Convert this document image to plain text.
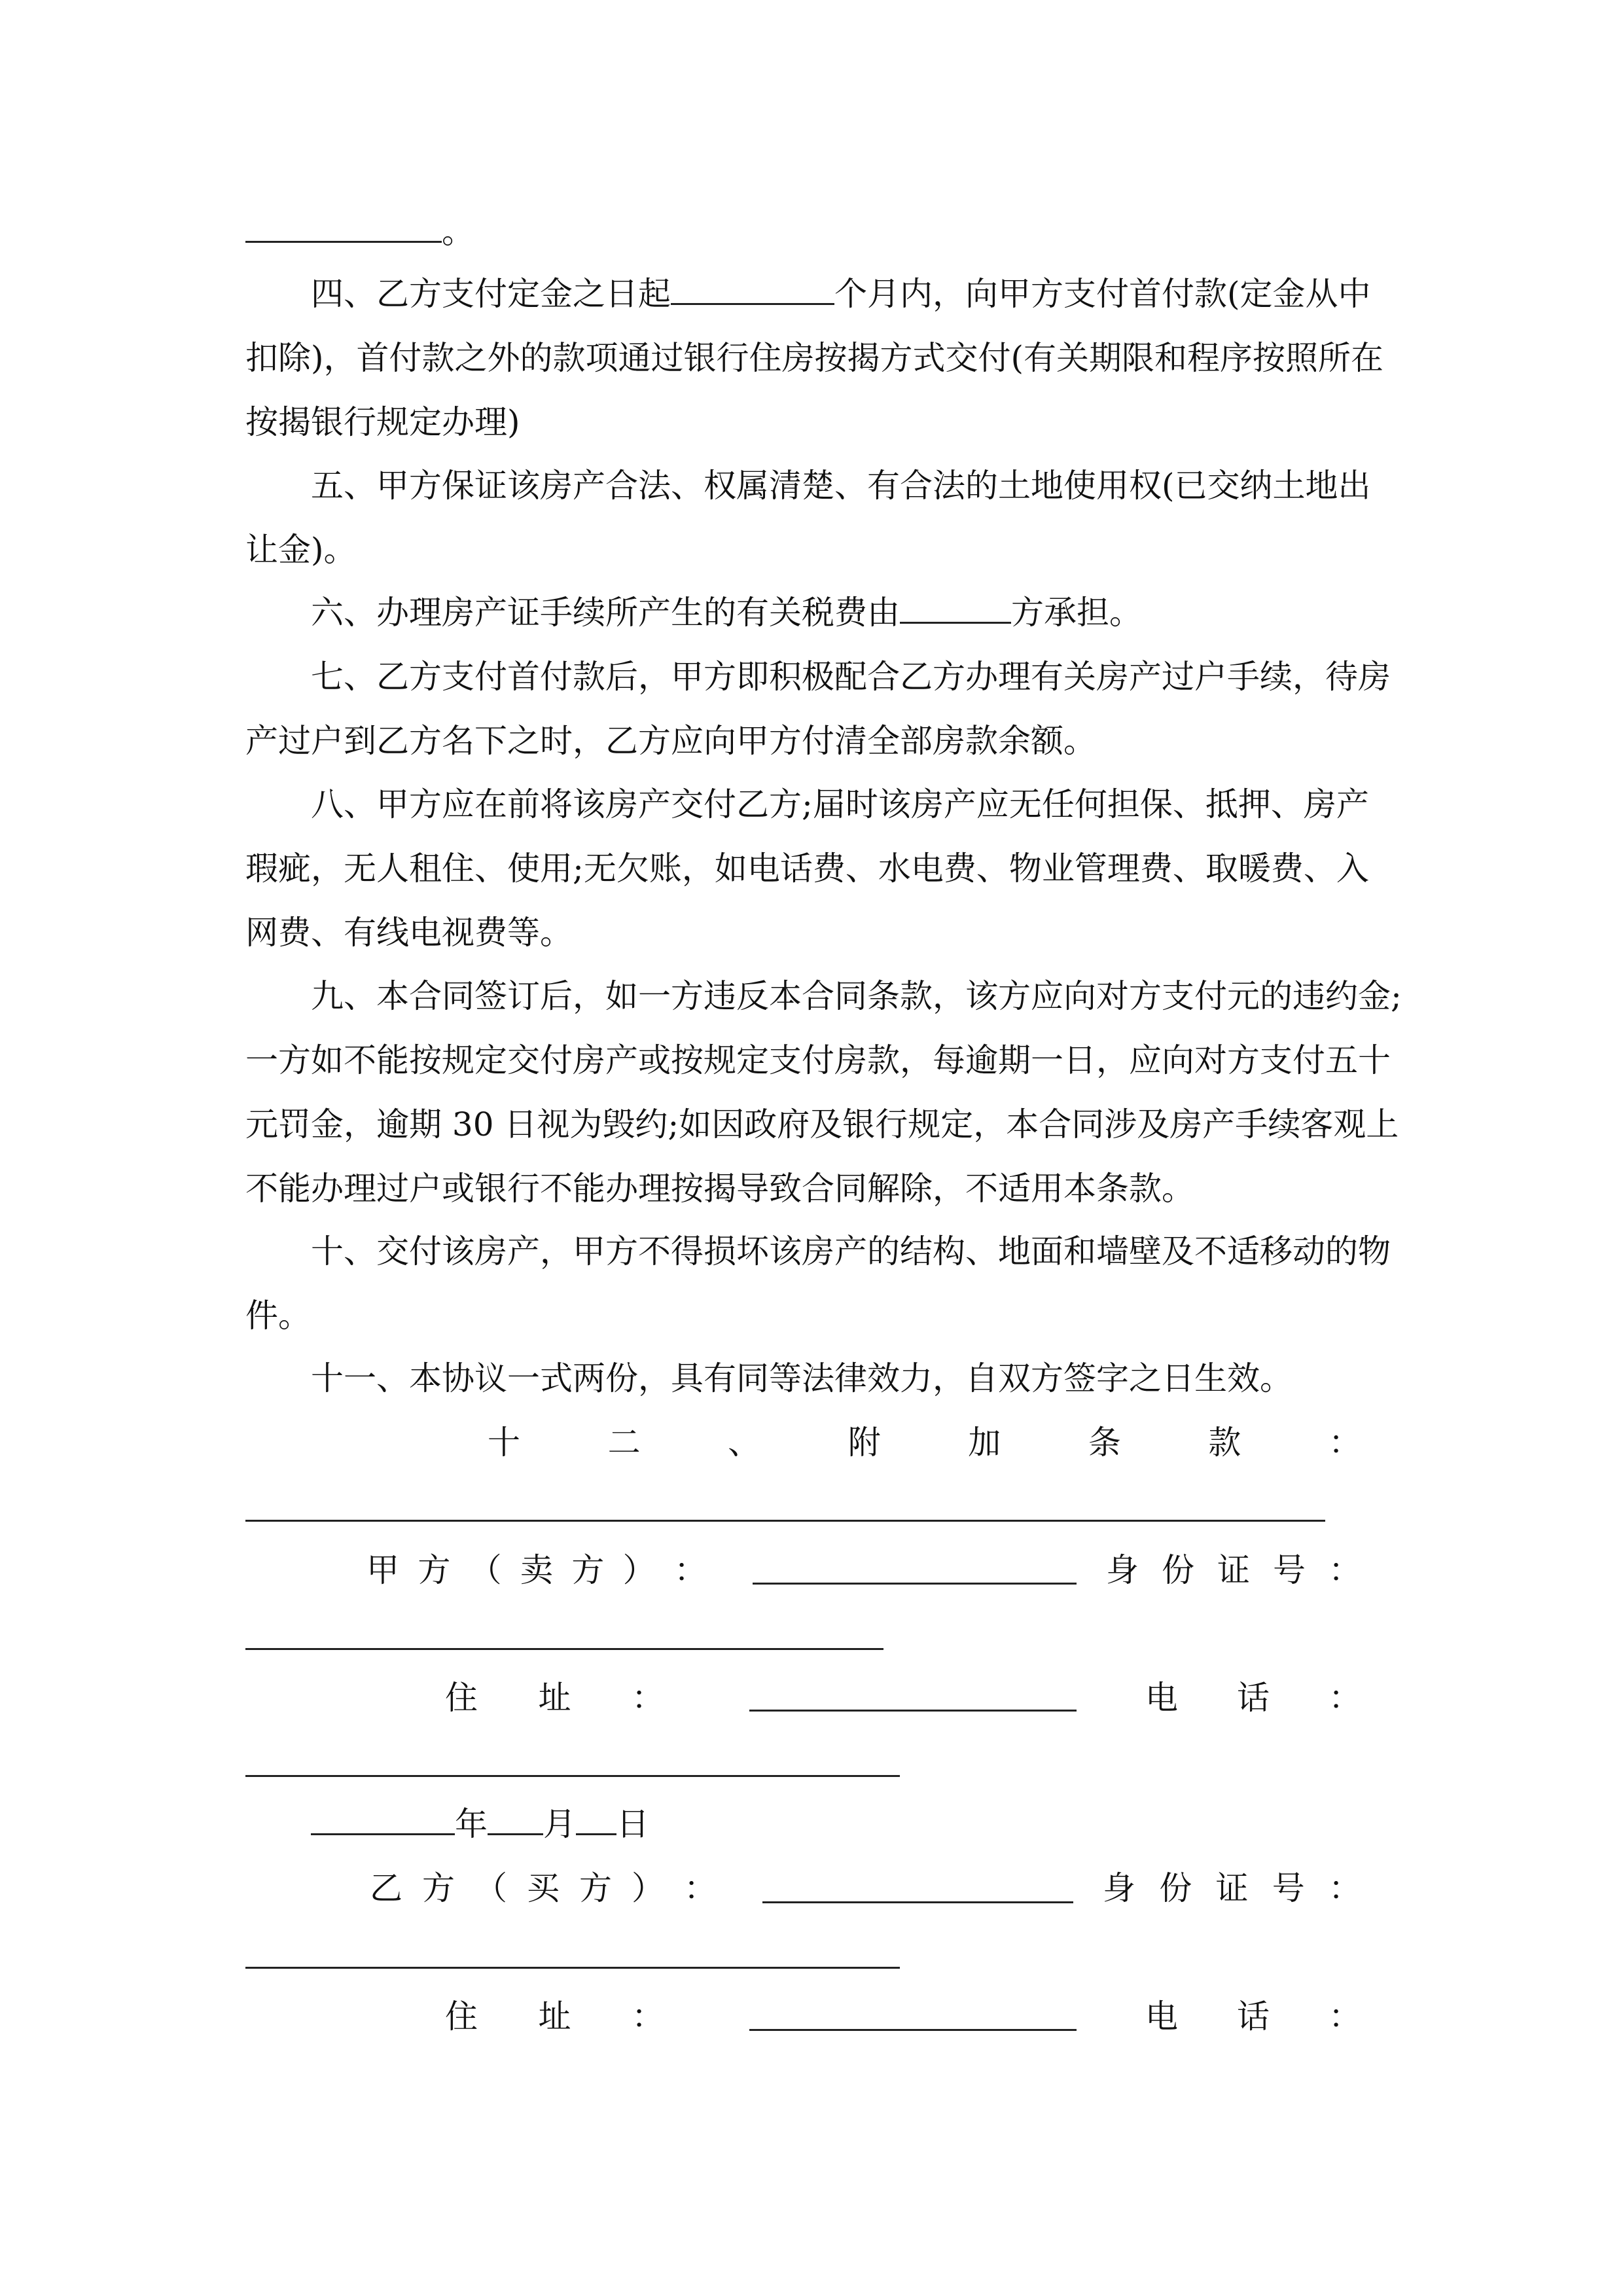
。
四、乙方支付定金之日起	个月内，向甲方支付首付款(定金从中
扣除)，首付款之外的款项通过银行住房按揭方式交付(有关期限和程序按照所在
按揭银行规定办理)
五、甲方保证该房产合法、权属清楚、有合法的土地使用权(已交纳土地出
让金)。
六、办理房产证手续所产生的有关税费由	方承担。
七、乙方支付首付款后，甲方即积极配合乙方办理有关房产过户手续，待房
产过户到乙方名下之时，乙方应向甲方付清全部房款余额。
八、甲方应在前将该房产交付乙方;届时该房产应无任何担保、抵押、房产
瑕疵，无人租住、使用;无欠账，如电话费、水电费、物业管理费、取暖费、入
网费、有线电视费等。
九、本合同签订后，如一方违反本合同条款，该方应向对方支付元的违约金;
一方如不能按规定交付房产或按规定支付房款，每逾期一日，应向对方支付五十
元罚金，逾期 30 日视为毁约;如因政府及银行规定，本合同涉及房产手续客观上
不能办理过户或银行不能办理按揭导致合同解除，不适用本条款。
十、交付该房产，甲方不得损坏该房产的结构、地面和墙壁及不适移动的物
件。
十一、本协议一式两份，具有同等法律效力，自双方签字之日生效。
十	二	、	附	加	条	款	：
甲 方 （ 卖 方 ） ：	身 份 证 号 ：
住 址 ：	电 话 ：
年 月 日
乙 方 （ 买 方 ） ：	身 份 证 号 ：
住 址 ：	电 话 ：
